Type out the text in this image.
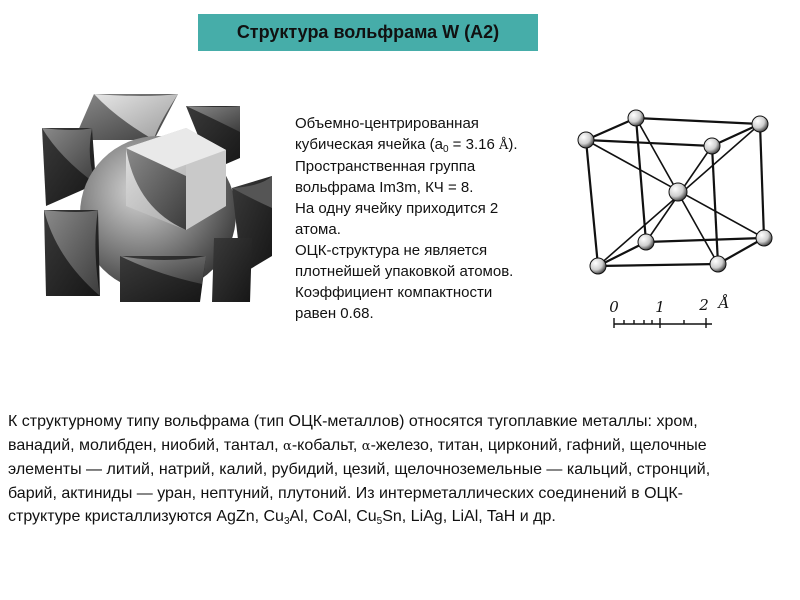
Структура вольфрама W (A2)
Объемно-центрированная
кубическая ячейка ($a_0 = 3.16$ Å).
Пространственная группа
вольфрама Im3m, КЧ = 8.
На одну ячейку приходится 2
атома.
ОЦК-структура не является
плотнейшей упаковкой атомов.
Коэффициент компактности
равен 0.68.	0 1 2 Å
К структурному типу вольфрама (тип ОЦК-металлов) относятся тугоплавкие металлы: хром,
ванадий, молибден, ниобий, тантал, α-кобальт, α-железо, титан, цирконий, гафний, щелочные
элементы — литий, натрий, калий, рубидий, цезий, щелочноземельные — кальций, стронций,
барий, актиниды — уран, нептуний, плутоний. Из интерметаллических соединений в ОЦК-
структуре кристаллизуются AgZn, $Cu_3Al$, CoAl, $Cu_5Sn$, LiAg, LiAl, TaH и др.
